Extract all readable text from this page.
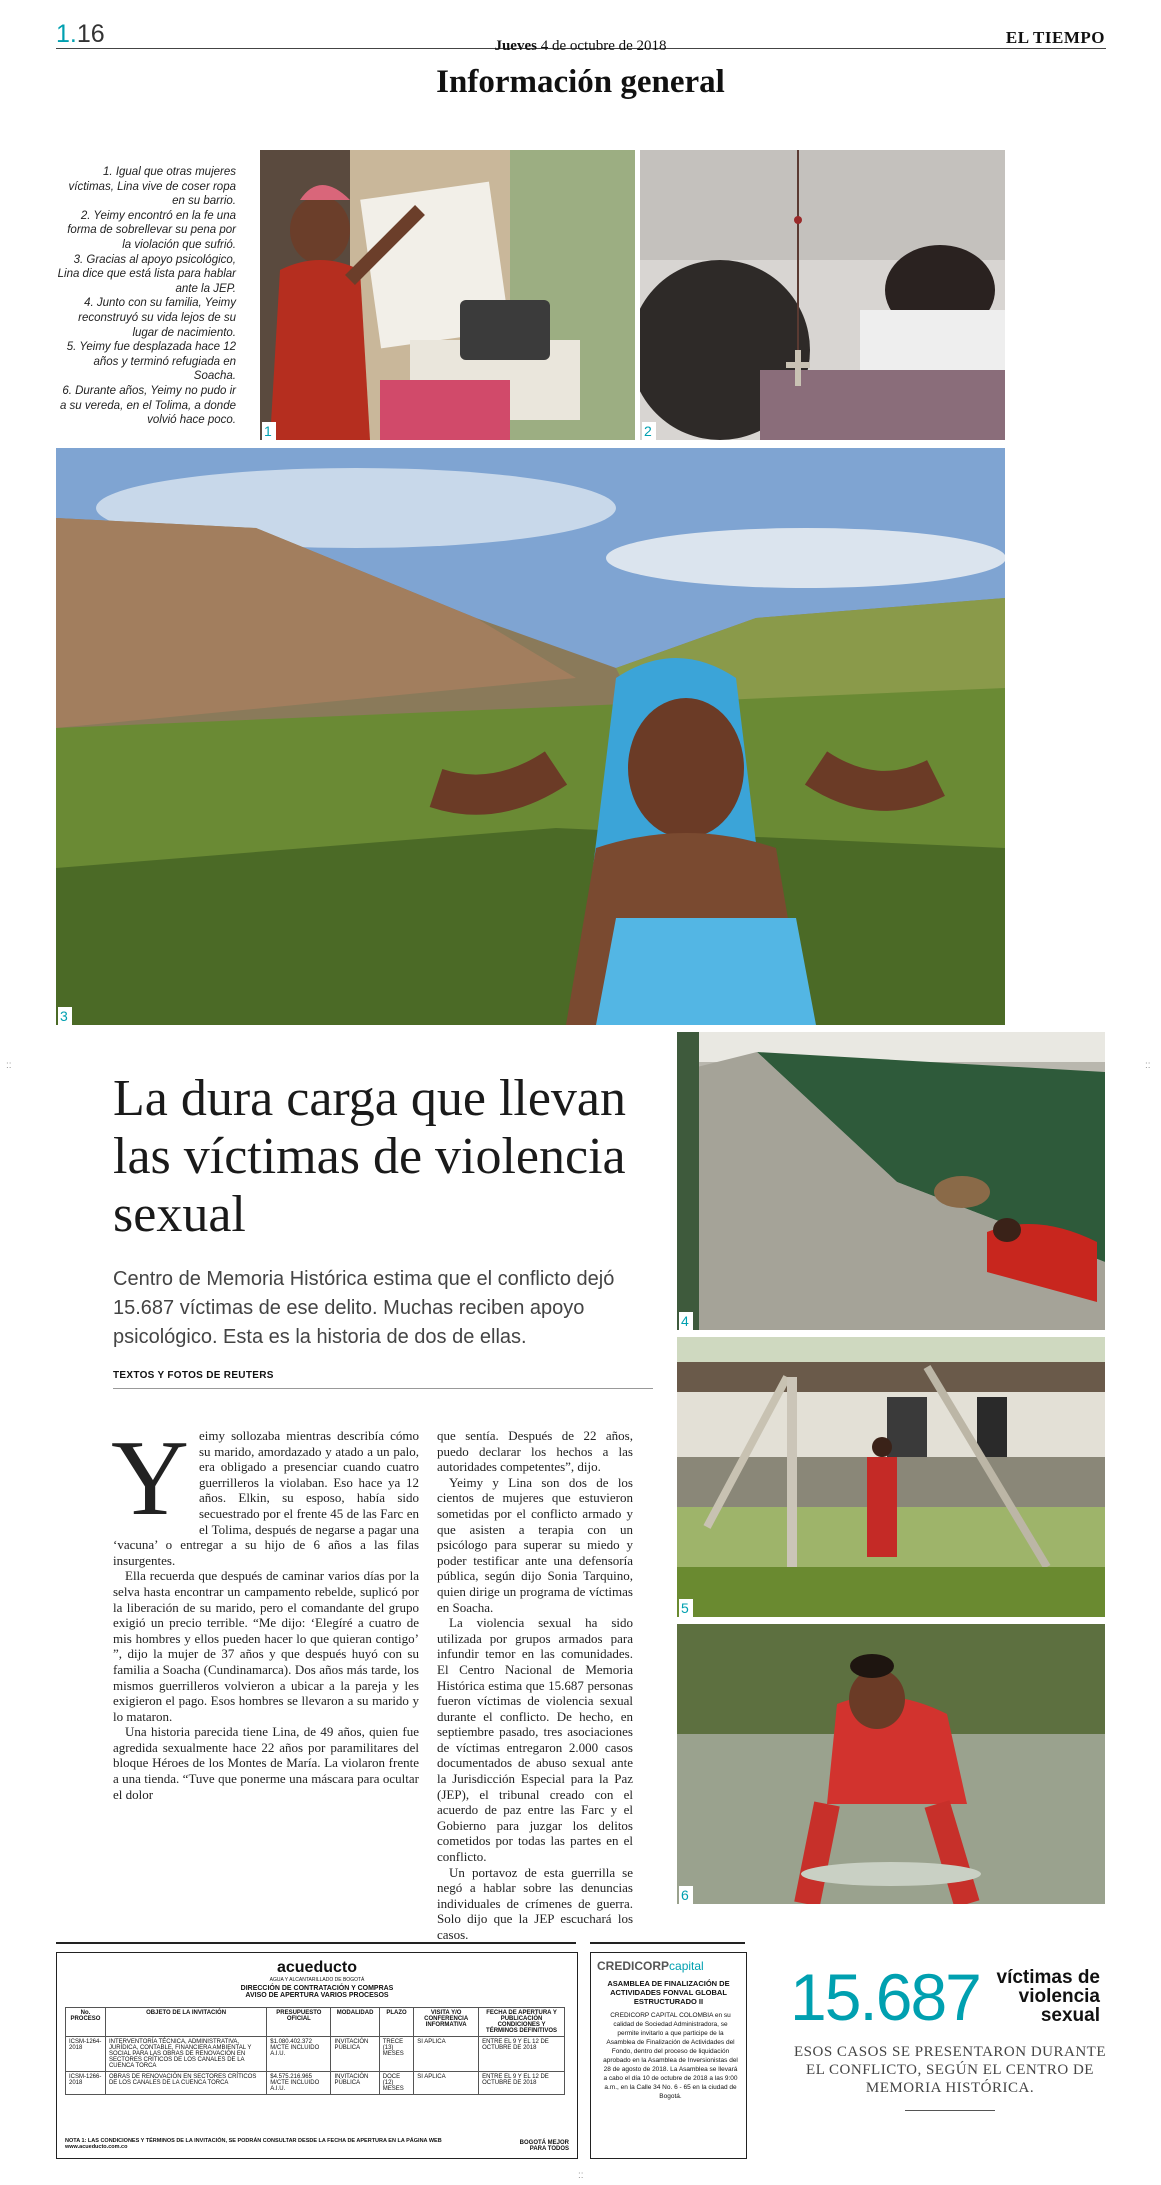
1.16	Jueves 4 de octubre de 2018	EL TIEMPO
Información general

1. Igual que otras mujeres víctimas, Lina vive de coser ropa en su barrio.

2. Yeimy encontró en la fe una forma de sobrellevar su pena por la violación que sufrió.

3. Gracias al apoyo psicológico, Lina dice que está lista para hablar ante la JEP.

4. Junto con su familia, Yeimy reconstruyó su vida lejos de su lugar de nacimiento.

5. Yeimy fue desplazada hace 12 años y terminó refugiada en Soacha.

6. Durante años, Yeimy no pudo ir a su vereda, en el Tolima, a donde volvió hace poco.

1	2
3
4
5
6
::	::
::
La dura carga que llevan las víctimas de violencia sexual
Centro de Memoria Histórica estima que el conflicto dejó 15.687 víctimas de ese delito. Muchas reciben apoyo psicológico. Esta es la historia de dos de ellas.
TEXTOS Y FOTOS DE REUTERS
Y eimy sollozaba mientras describía cómo su marido, amordazado y atado a un palo, era obligado a presenciar cuando cuatro guerrilleros la violaban. Eso hace ya 12 años. Elkin, su esposo, había sido secuestrado por el frente 45 de las Farc en el Tolima, después de negarse a pagar una ‘vacuna’ o entregar a su hijo de 6 años a las filas insurgentes.

Ella recuerda que después de caminar varios días por la selva hasta encontrar un campamento rebelde, suplicó por la liberación de su marido, pero el comandante del grupo exigió un precio terrible. “Me dijo: ‘Elegíré a cuatro de mis hombres y ellos pueden hacer lo que quieran contigo’ ”, dijo la mujer de 37 años y que después huyó con su familia a Soacha (Cundinamarca). Dos años más tarde, los mismos guerrilleros volvieron a ubicar a la pareja y les exigieron el pago. Esos hombres se llevaron a su marido y lo mataron.

Una historia parecida tiene Lina, de 49 años, quien fue agredida sexualmente hace 22 años por paramilitares del bloque Héroes de los Montes de María. La violaron frente a una tienda. “Tuve que ponerme una máscara para ocultar el dolor

que sentía. Después de 22 años, puedo declarar los hechos a las autoridades competentes”, dijo.

Yeimy y Lina son dos de los cientos de mujeres que estuvieron sometidas por el conflicto armado y que asisten a terapia con un psicólogo para superar su miedo y poder testificar ante una defensoría pública, según dijo Sonia Tarquino, quien dirige un programa de víctimas en Soacha.

La violencia sexual ha sido utilizada por grupos armados para infundir temor en las comunidades. El Centro Nacional de Memoria Histórica estima que 15.687 personas fueron víctimas de violencia sexual durante el conflicto. De hecho, en septiembre pasado, tres asociaciones de víctimas entregaron 2.000 casos documentados de abuso sexual ante la Jurisdicción Especial para la Paz (JEP), el tribunal creado con el acuerdo de paz entre las Farc y el Gobierno para juzgar los delitos cometidos por todas las partes en el conflicto.

Un portavoz de esta guerrilla se negó a hablar sobre las denuncias individuales de crímenes de guerra. Solo dijo que la JEP escuchará los casos.

acueducto
AGUA Y ALCANTARILLADO DE BOGOTÁ
DIRECCIÓN DE CONTRATACIÓN Y COMPRAS
AVISO DE APERTURA VARIOS PROCESOS
No. PROCESO	OBJETO DE LA INVITACIÓN	PRESUPUESTO OFICIAL	MODALIDAD	PLAZO	VISITA Y/O CONFERENCIA INFORMATIVA	FECHA DE APERTURA Y PUBLICACIÓN CONDICIONES Y TÉRMINOS DEFINITIVOS
ICSM-1264-2018	INTERVENTORÍA TÉCNICA, ADMINISTRATIVA, JURÍDICA, CONTABLE, FINANCIERA AMBIENTAL Y SOCIAL PARA LAS OBRAS DE RENOVACIÓN EN SECTORES CRÍTICOS DE LOS CANALES DE LA CUENCA TORCA	$1.080.402.372 M/CTE INCLUIDO A.I.U.	INVITACIÓN PÚBLICA	TRECE (13) MESES	SI APLICA	ENTRE EL 9 Y EL 12 DE OCTUBRE DE 2018
ICSM-1266-2018	OBRAS DE RENOVACIÓN EN SECTORES CRÍTICOS DE LOS CANALES DE LA CUENCA TORCA	$4.575.216.965 M/CTE INCLUIDO A.I.U.	INVITACIÓN PÚBLICA	DOCE (12) MESES	SI APLICA	ENTRE EL 9 Y EL 12 DE OCTUBRE DE 2018
NOTA 1: LAS CONDICIONES Y TÉRMINOS DE LA INVITACIÓN, SE PODRÁN CONSULTAR DESDE LA FECHA DE APERTURA EN LA PÁGINA WEB www.acueducto.com.co
BOGOTÁ MEJOR PARA TODOS
CREDICORPcapital
ASAMBLEA DE FINALIZACIÓN DE ACTIVIDADES FONVAL GLOBAL ESTRUCTURADO II
CREDICORP CAPITAL COLOMBIA en su calidad de Sociedad Administradora, se permite invitarlo a que participe de la Asamblea de Finalización de Actividades del Fondo, dentro del proceso de liquidación aprobado en la Asamblea de Inversionistas del 28 de agosto de 2018. La Asamblea se llevará a cabo el día 10 de octubre de 2018 a las 9:00 a.m., en la Calle 34 No. 6 - 65 en la ciudad de Bogotá.
15.687 víctimas de violencia sexual
ESOS CASOS SE PRESENTARON DURANTE EL CONFLICTO, SEGÚN EL CENTRO DE MEMORIA HISTÓRICA.
